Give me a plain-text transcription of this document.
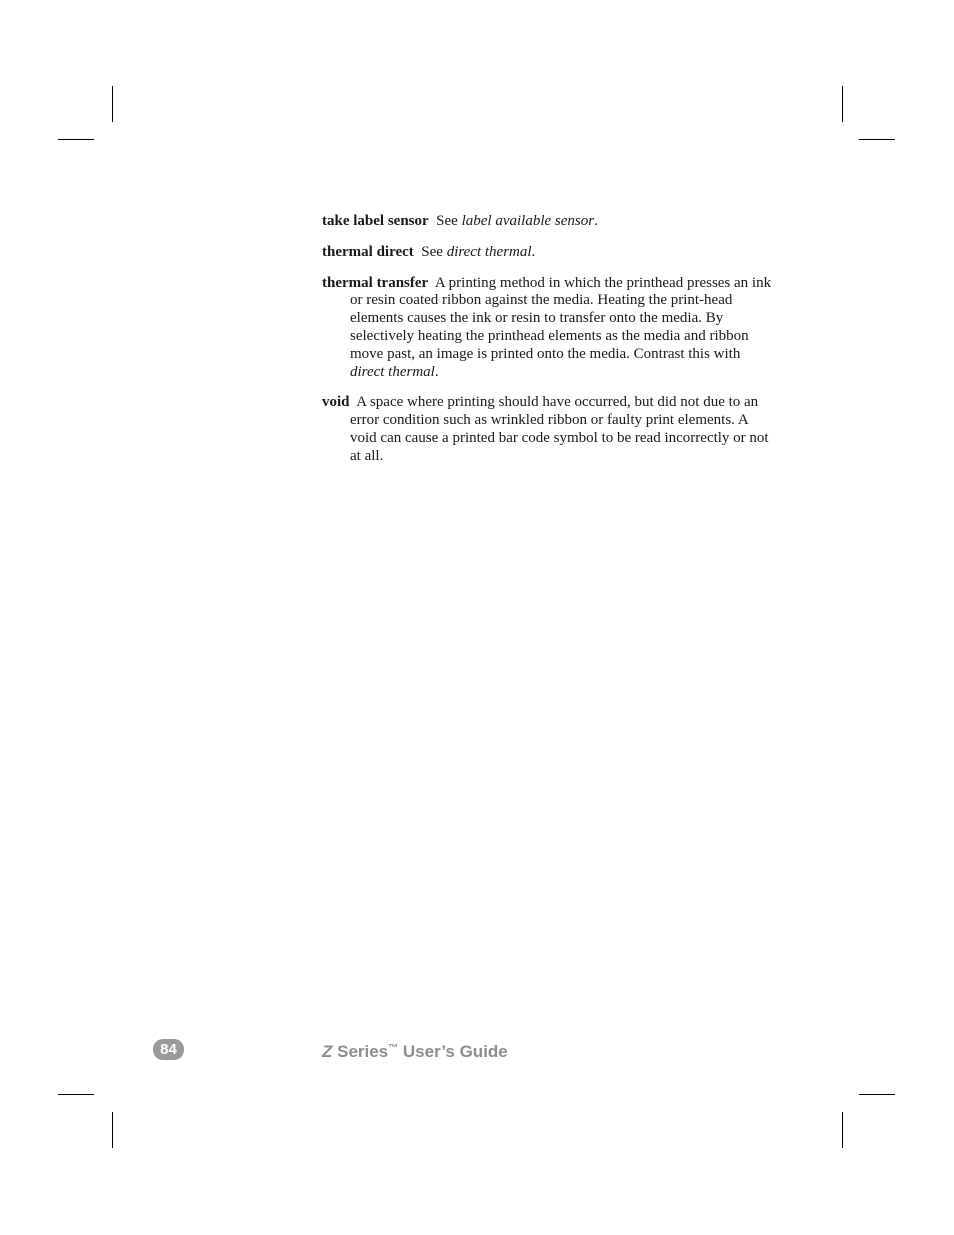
take label sensor See label available sensor.

thermal direct See direct thermal.

thermal transfer A printing method in which the printhead presses an ink or resin coated ribbon against the media. Heating the print-head elements causes the ink or resin to transfer onto the media. By selectively heating the printhead elements as the media and ribbon move past, an image is printed onto the media. Contrast this with direct thermal.

void A space where printing should have occurred, but did not due to an error condition such as wrinkled ribbon or faulty print elements. A void can cause a printed bar code symbol to be read incorrectly or not at all.

84	Z Series™ User’s Guide
